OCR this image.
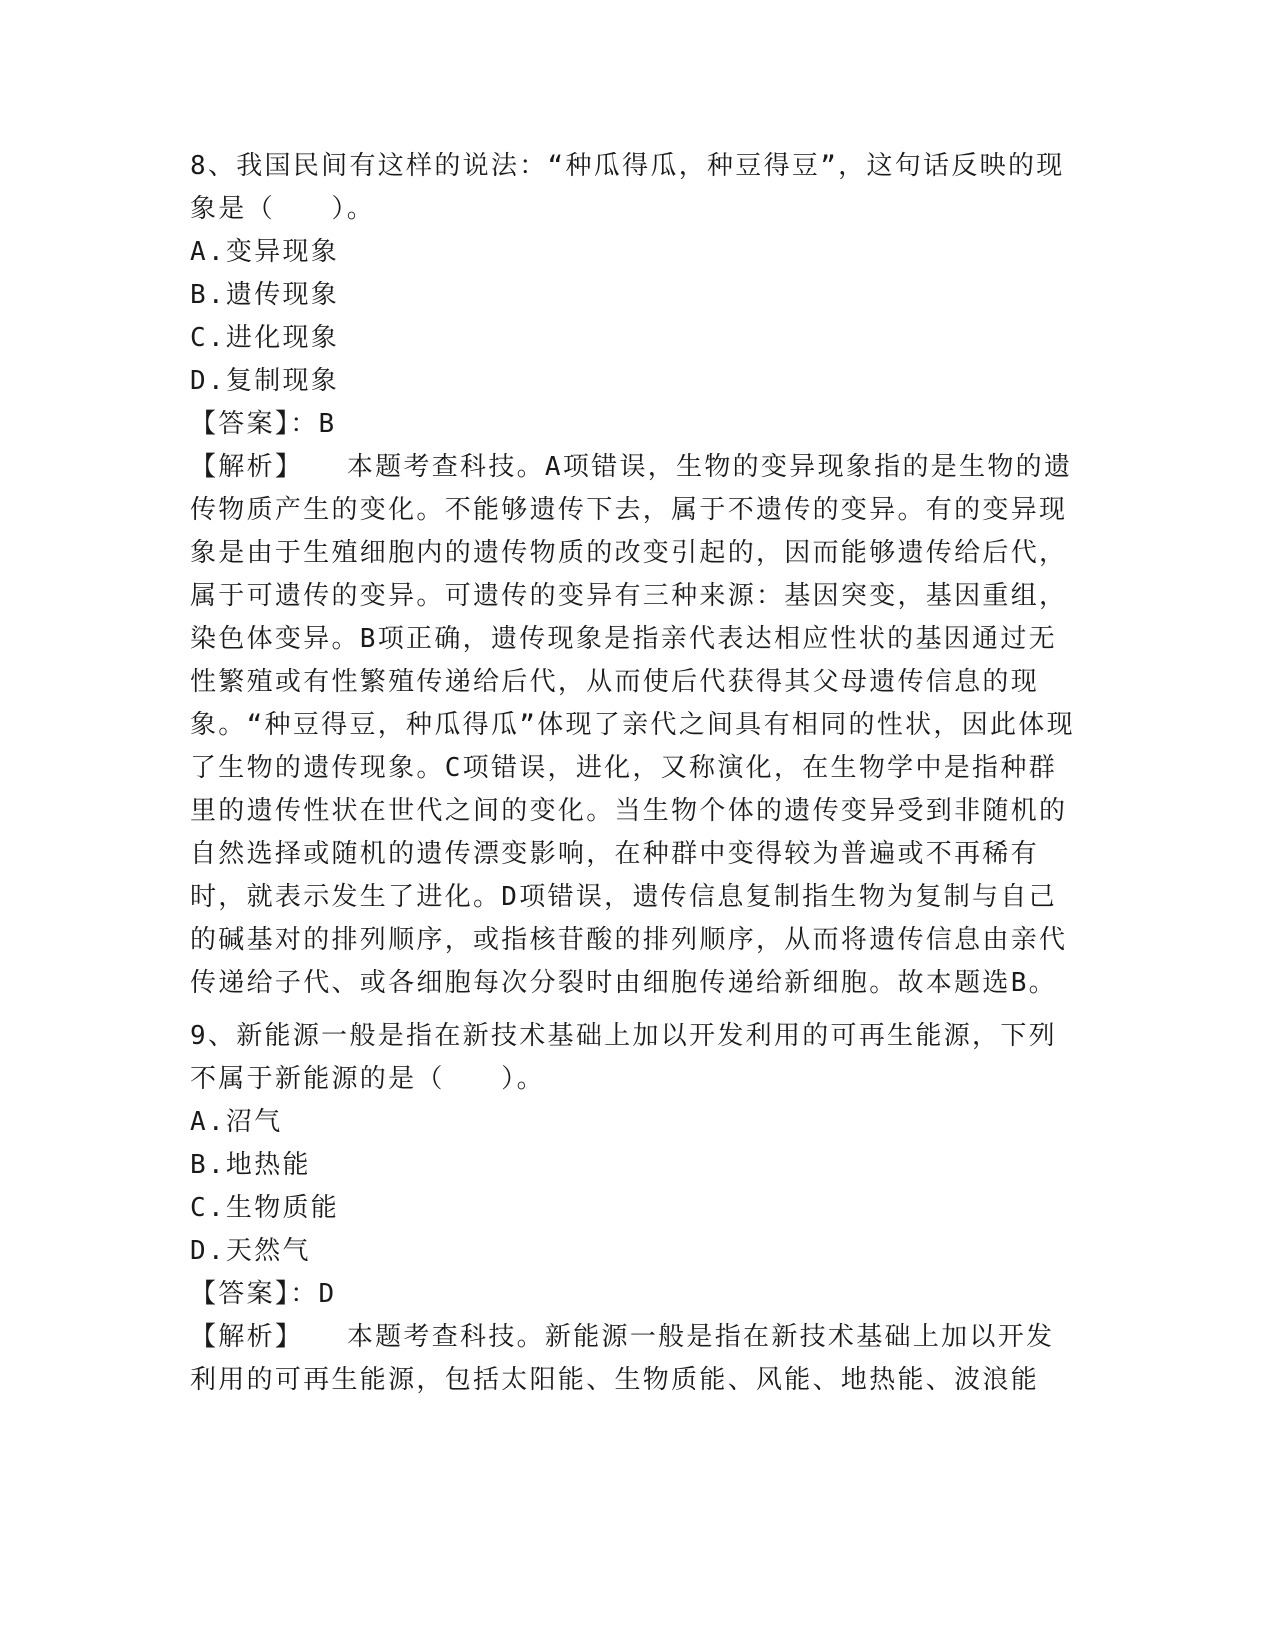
8、我国民间有这样的说法：“种瓜得瓜，种豆得豆”，这句话反映的现象是（　　）。
A.变异现象
B.遗传现象
C.进化现象
D.复制现象
【答案】：B
【解析】　　 本题考查科技。A项错误，生物的变异现象指的是生物的遗传物质产生的变化。不能够遗传下去，属于不遗传的变异。有的变异现象是由于生殖细胞内的遗传物质的改变引起的，因而能够遗传给后代，属于可遗传的变异。可遗传的变异有三种来源：基因突变，基因重组，染色体变异。B项正确，遗传现象是指亲代表达相应性状的基因通过无性繁殖或有性繁殖传递给后代，从而使后代获得其父母遗传信息的现象。“种豆得豆，种瓜得瓜”体现了亲代之间具有相同的性状，因此体现了生物的遗传现象。C项错误，进化，又称演化，在生物学中是指种群里的遗传性状在世代之间的变化。当生物个体的遗传变异受到非随机的自然选择或随机的遗传漂变影响，在种群中变得较为普遍或不再稀有时，就表示发生了进化。D项错误，遗传信息复制指生物为复制与自己的碱基对的排列顺序，或指核苷酸的排列顺序，从而将遗传信息由亲代传递给子代、或各细胞每次分裂时由细胞传递给新细胞。故本题选B。
9、新能源一般是指在新技术基础上加以开发利用的可再生能源，下列不属于新能源的是（　　）。
A.沼气
B.地热能
C.生物质能
D.天然气
【答案】：D
【解析】　　 本题考查科技。新能源一般是指在新技术基础上加以开发利用的可再生能源，包括太阳能、生物质能、风能、地热能、波浪能
